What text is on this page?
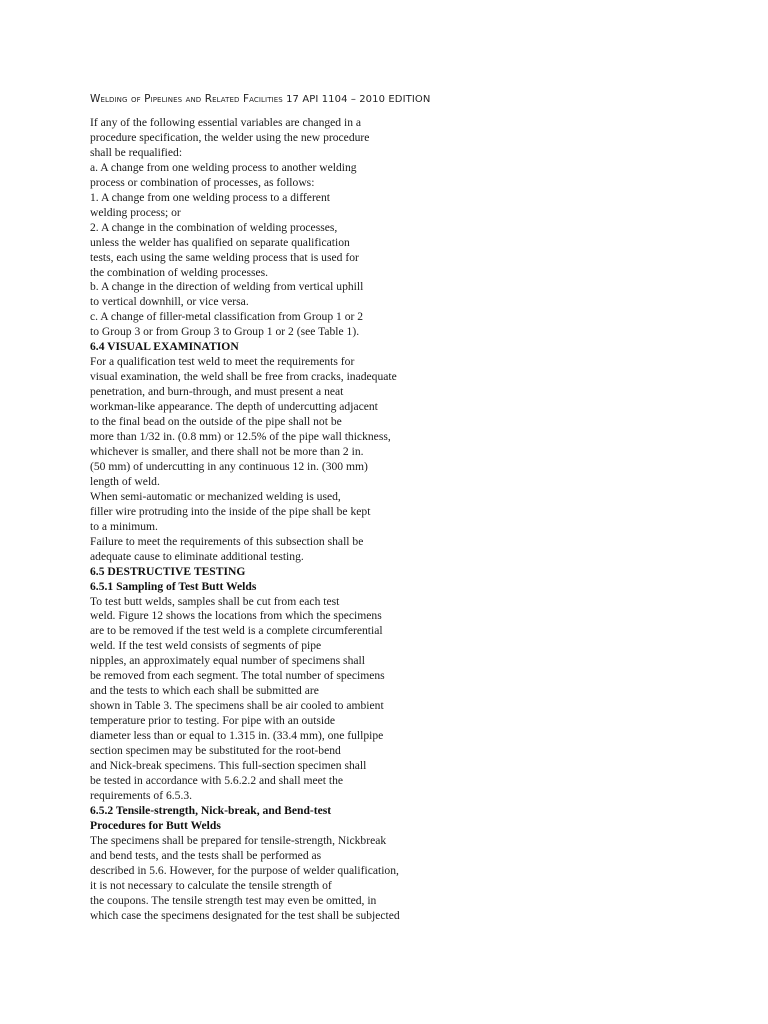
Welding of Pipelines and Related Facilities 17 API 1104 – 2010 EDITION
If any of the following essential variables are changed in a
procedure specification, the welder using the new procedure
shall be requalified:
a. A change from one welding process to another welding
process or combination of processes, as follows:
1. A change from one welding process to a different
welding process; or
2. A change in the combination of welding processes,
unless the welder has qualified on separate qualification
tests, each using the same welding process that is used for
the combination of welding processes.
b. A change in the direction of welding from vertical uphill
to vertical downhill, or vice versa.
c. A change of filler-metal classification from Group 1 or 2
to Group 3 or from Group 3 to Group 1 or 2 (see Table 1).
6.4 VISUAL EXAMINATION
For a qualification test weld to meet the requirements for
visual examination, the weld shall be free from cracks, inadequate
penetration, and burn-through, and must present a neat
workman-like appearance. The depth of undercutting adjacent
to the final bead on the outside of the pipe shall not be
more than 1/32 in. (0.8 mm) or 12.5% of the pipe wall thickness,
whichever is smaller, and there shall not be more than 2 in.
(50 mm) of undercutting in any continuous 12 in. (300 mm)
length of weld.
When semi-automatic or mechanized welding is used,
filler wire protruding into the inside of the pipe shall be kept
to a minimum.
Failure to meet the requirements of this subsection shall be
adequate cause to eliminate additional testing.
6.5 DESTRUCTIVE TESTING
6.5.1 Sampling of Test Butt Welds
To test butt welds, samples shall be cut from each test
weld. Figure 12 shows the locations from which the specimens
are to be removed if the test weld is a complete circumferential
weld. If the test weld consists of segments of pipe
nipples, an approximately equal number of specimens shall
be removed from each segment. The total number of specimens
and the tests to which each shall be submitted are
shown in Table 3. The specimens shall be air cooled to ambient
temperature prior to testing. For pipe with an outside
diameter less than or equal to 1.315 in. (33.4 mm), one fullpipe
section specimen may be substituted for the root-bend
and Nick-break specimens. This full-section specimen shall
be tested in accordance with 5.6.2.2 and shall meet the
requirements of 6.5.3.
6.5.2 Tensile-strength, Nick-break, and Bend-test
Procedures for Butt Welds
The specimens shall be prepared for tensile-strength, Nickbreak
and bend tests, and the tests shall be performed as
described in 5.6. However, for the purpose of welder qualification,
it is not necessary to calculate the tensile strength of
the coupons. The tensile strength test may even be omitted, in
which case the specimens designated for the test shall be subjected
